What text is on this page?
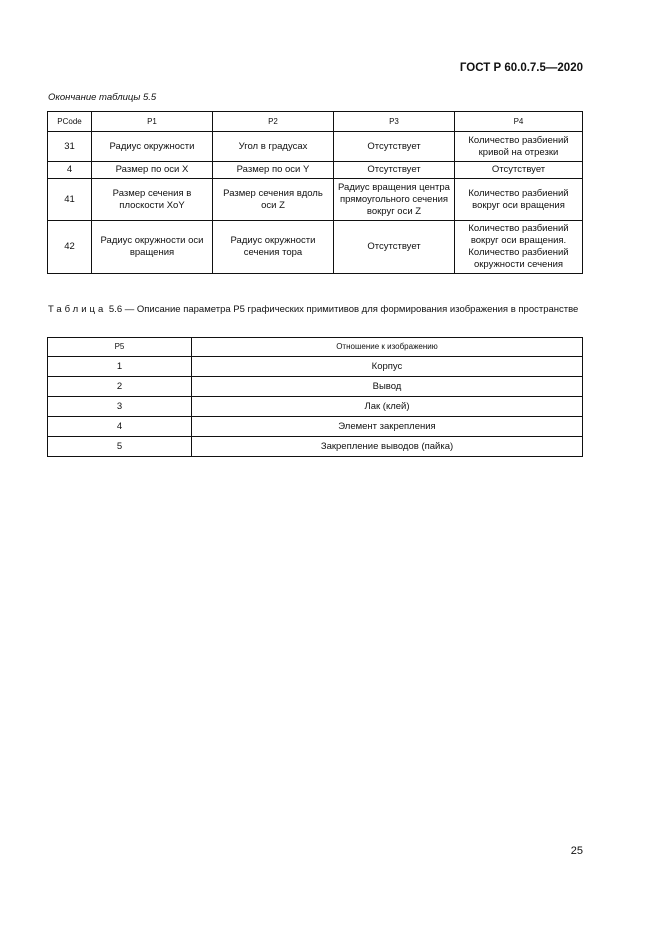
ГОСТ Р 60.0.7.5—2020
Окончание таблицы 5.5
PCode	P1	P2	P3	P4
31	Радиус окружности	Угол в градусах	Отсутствует	Количество разбиений кривой на отрезки
4	Размер по оси X	Размер по оси Y	Отсутствует	Отсутствует
41	Размер сечения в плоскости XoY	Размер сечения вдоль оси Z	Радиус вращения центра прямоугольного сечения вокруг оси Z	Количество разбиений вокруг оси вращения
42	Радиус окружности оси вращения	Радиус окружности сечения тора	Отсутствует	Количество разбиений вокруг оси вращения. Количество разбиений окружности сечения
Таблица 5.6 — Описание параметра P5 графических примитивов для формирования изображения в пространстве
P5	Отношение к изображению
1	Корпус
2	Вывод
3	Лак (клей)
4	Элемент закрепления
5	Закрепление выводов (пайка)
25
